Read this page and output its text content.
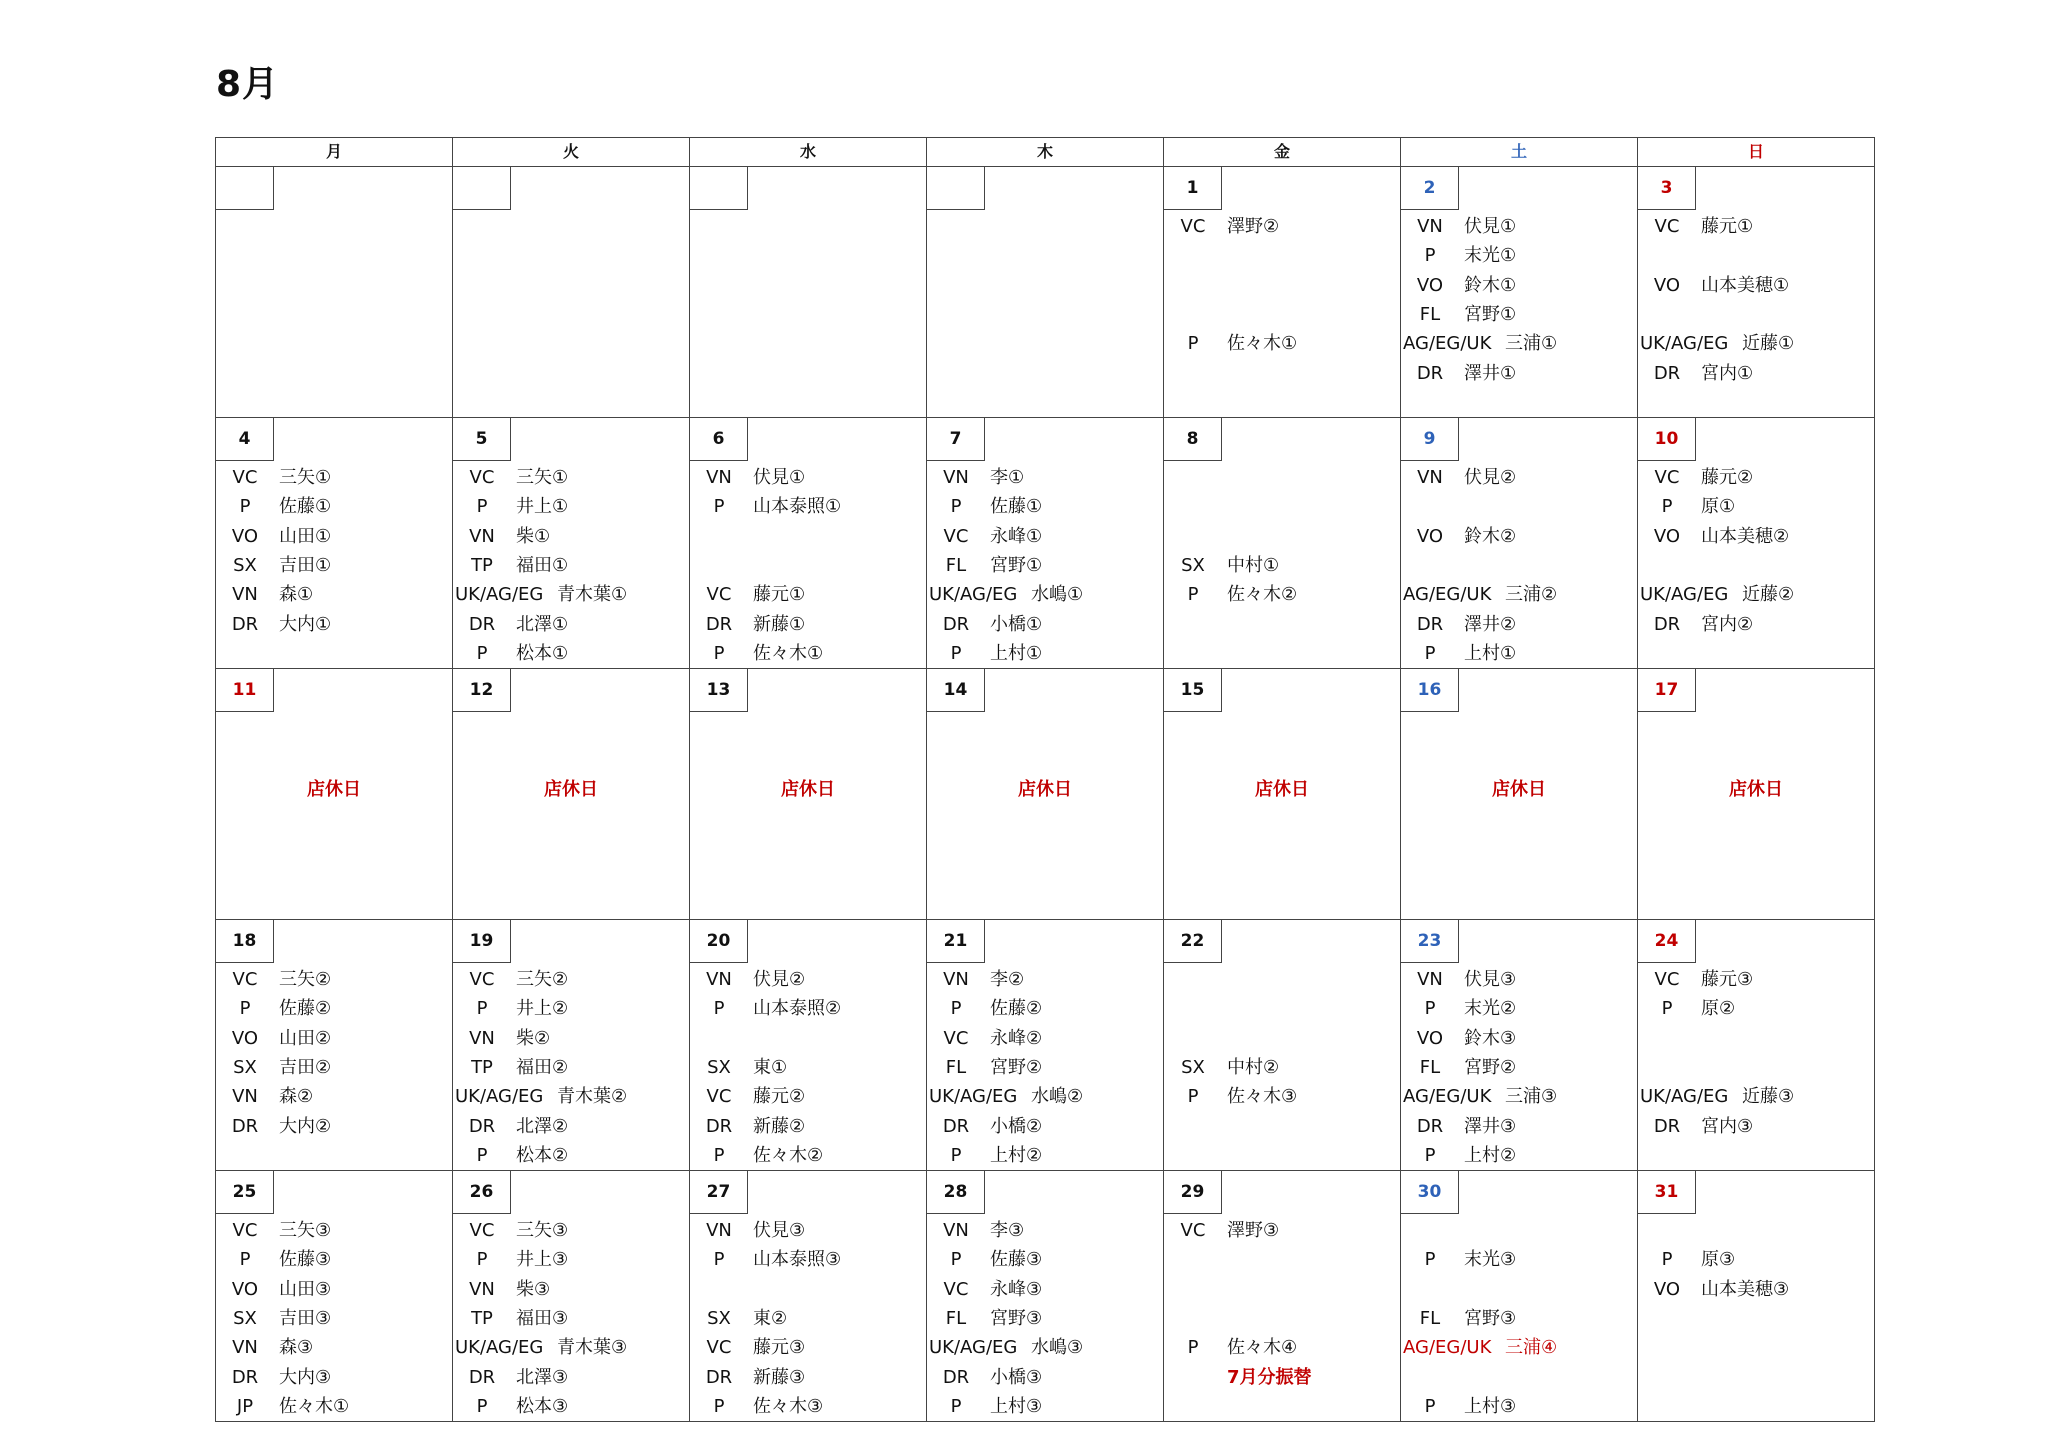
8月
月	火	水	木	金	土	日
1
VC	澤野②
P	佐々木①
2
VN	伏見①
P	末光①
VO	鈴木①
FL	宮野①
AG/EG/UK 三浦①
DR	澤井①
3
VC	藤元①
VO	山本美穂①
UK/AG/EG 近藤①
DR	宮内①
4
VC	三矢①
P	佐藤①
VO	山田①
SX	吉田①
VN	森①
DR	大内①
5
VC	三矢①
P	井上①
VN	柴①
TP	福田①
UK/AG/EG 青木葉①
DR	北澤①
P	松本①
6
VN	伏見①
P	山本泰照①
VC	藤元①
DR	新藤①
P	佐々木①
7
VN	李①
P	佐藤①
VC	永峰①
FL	宮野①
UK/AG/EG 水嶋①
DR	小橋①
P	上村①
8
SX	中村①
P	佐々木②
9
VN	伏見②
VO	鈴木②
AG/EG/UK 三浦②
DR	澤井②
P	上村①
10
VC	藤元②
P	原①
VO	山本美穂②
UK/AG/EG 近藤②
DR	宮内②
11
店休日
12
店休日
13
店休日
14
店休日
15
店休日
16
店休日
17
店休日
18
VC	三矢②
P	佐藤②
VO	山田②
SX	吉田②
VN	森②
DR	大内②
19
VC	三矢②
P	井上②
VN	柴②
TP	福田②
UK/AG/EG 青木葉②
DR	北澤②
P	松本②
20
VN	伏見②
P	山本泰照②
SX	東①
VC	藤元②
DR	新藤②
P	佐々木②
21
VN	李②
P	佐藤②
VC	永峰②
FL	宮野②
UK/AG/EG 水嶋②
DR	小橋②
P	上村②
22
SX	中村②
P	佐々木③
23
VN	伏見③
P	末光②
VO	鈴木③
FL	宮野②
AG/EG/UK 三浦③
DR	澤井③
P	上村②
24
VC	藤元③
P	原②
UK/AG/EG 近藤③
DR	宮内③
25
VC	三矢③
P	佐藤③
VO	山田③
SX	吉田③
VN	森③
DR	大内③
JP	佐々木①
26
VC	三矢③
P	井上③
VN	柴③
TP	福田③
UK/AG/EG 青木葉③
DR	北澤③
P	松本③
27
VN	伏見③
P	山本泰照③
SX	東②
VC	藤元③
DR	新藤③
P	佐々木③
28
VN	李③
P	佐藤③
VC	永峰③
FL	宮野③
UK/AG/EG 水嶋③
DR	小橋③
P	上村③
29
VC	澤野③
P	佐々木④
7月分振替
30
P	末光③
FL	宮野③
AG/EG/UK 三浦④
P	上村③
31
P	原③
VO	山本美穂③
